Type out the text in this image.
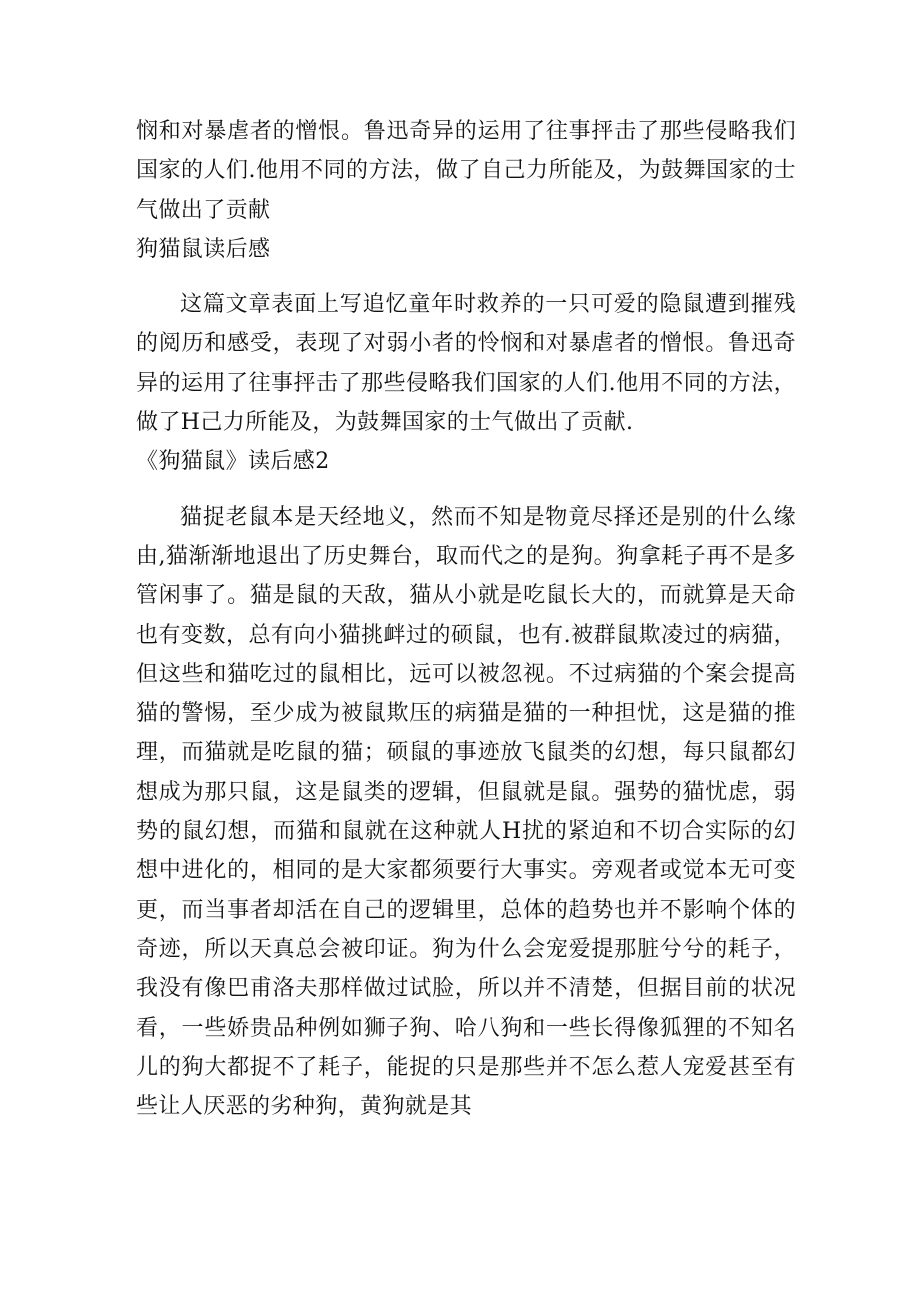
悯和对暴虐者的憎恨。鲁迅奇异的运用了往事抨击了那些侵略我们国家的人们.他用不同的方法，做了自己力所能及，为鼓舞国家的士气做出了贡献

狗猫鼠读后感

这篇文章表面上写追忆童年时救养的一只可爱的隐鼠遭到摧残的阅历和感受，表现了对弱小者的怜悯和对暴虐者的憎恨。鲁迅奇异的运用了往事抨击了那些侵略我们国家的人们.他用不同的方法，做了H己力所能及，为鼓舞国家的士气做出了贡献.

《狗猫鼠》读后感2

猫捉老鼠本是天经地义，然而不知是物竟尽择还是别的什么缘由,猫渐渐地退出了历史舞台，取而代之的是狗。狗拿耗子再不是多管闲事了。猫是鼠的天敌，猫从小就是吃鼠长大的，而就算是天命也有变数，总有向小猫挑衅过的硕鼠，也有.被群鼠欺凌过的病猫，但这些和猫吃过的鼠相比，远可以被忽视。不过病猫的个案会提高猫的警惕，至少成为被鼠欺压的病猫是猫的一种担忧，这是猫的推理，而猫就是吃鼠的猫；硕鼠的事迹放飞鼠类的幻想，每只鼠都幻想成为那只鼠，这是鼠类的逻辑，但鼠就是鼠。强势的猫忧虑，弱势的鼠幻想，而猫和鼠就在这种就人H扰的紧迫和不切合实际的幻想中进化的，相同的是大家都须要行大事实。旁观者或觉本无可变更，而当事者却活在自己的逻辑里，总体的趋势也并不影响个体的奇迹，所以天真总会被印证。狗为什么会宠爱提那脏兮兮的耗子，我没有像巴甫洛夫那样做过试脸，所以并不清楚，但据目前的状况看，一些娇贵品种例如狮子狗、哈八狗和一些长得像狐狸的不知名儿的狗大都捉不了耗子，能捉的只是那些并不怎么惹人宠爱甚至有些让人厌恶的劣种狗，黄狗就是其
